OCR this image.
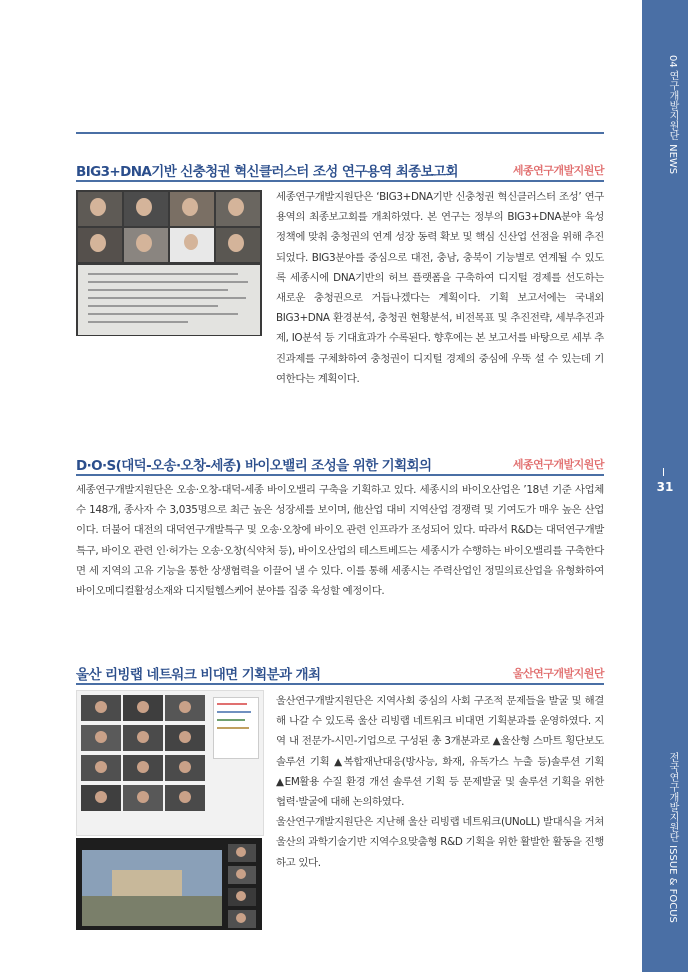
04 연구개발지원단 NEWS
31
전국연구개발지원단 ISSUE & FOCUS
BIG3+DNA기반 신충청권 혁신클러스터 조성 연구용역 최종보고회	세종연구개발지원단

세종연구개발지원단은 ‘BIG3+DNA기반 신충청권 혁신클러스터 조성’ 연구용역의 최종보고회를 개최하였다. 본 연구는 정부의 BIG3+DNA분야 육성정책에 맞춰 충청권의 연계 성장 동력 확보 및 핵심 신산업 선점을 위해 추진되었다. BIG3분야를 중심으로 대전, 충남, 충북이 기능별로 연계될 수 있도록 세종시에 DNA기반의 허브 플랫폼을 구축하여 디지털 경제를 선도하는 새로운 충청권으로 거듭나겠다는 계획이다. 기획 보고서에는 국내외 BIG3+DNA 환경분석, 충청권 현황분석, 비전목표 및 추진전략, 세부추진과제, IO분석 등 기대효과가 수록된다. 향후에는 본 보고서를 바탕으로 세부 추진과제를 구체화하여 충청권이 디지털 경제의 중심에 우뚝 설 수 있는데 기여한다는 계획이다.

D·O·S(대덕-오송·오창-세종) 바이오밸리 조성을 위한 기획회의	세종연구개발지원단

세종연구개발지원단은 오송·오창-대덕-세종 바이오밸리 구축을 기획하고 있다. 세종시의 바이오산업은 ’18년 기준 사업체 수 148개, 종사자 수 3,035명으로 최근 높은 성장세를 보이며, 他산업 대비 지역산업 경쟁력 및 기여도가 매우 높은 산업이다. 더불어 대전의 대덕연구개발특구 및 오송·오창에 바이오 관련 인프라가 조성되어 있다. 따라서 R&D는 대덕연구개발특구, 바이오 관련 인·허가는 오송·오창(식약처 등), 바이오산업의 테스트베드는 세종시가 수행하는 바이오밸리를 구축한다면 세 지역의 고유 기능을 통한 상생협력을 이끌어 낼 수 있다. 이를 통해 세종시는 주력산업인 정밀의료산업을 유형화하여 바이오메디컬활성소재와 디지털헬스케어 분야를 집중 육성할 예정이다.

울산 리빙랩 네트워크 비대면 기획분과 개최	울산연구개발지원단

울산연구개발지원단은 지역사회 중심의 사회 구조적 문제들을 발굴 및 해결해 나갈 수 있도록 울산 리빙랩 네트워크 비대면 기획분과를 운영하였다. 지역 내 전문가-시민-기업으로 구성된 총 3개분과로 ▲울산형 스마트 횡단보도 솔루션 기획 ▲복합재난대응(방사능, 화재, 유독가스 누출 등)솔루션 기획 ▲EM활용 수질 환경 개선 솔루션 기획 등 문제발굴 및 솔루션 기획을 위한 협력·발굴에 대해 논의하였다.

울산연구개발지원단은 지난해 울산 리빙랩 네트워크(UNoLL) 발대식을 거쳐 울산의 과학기술기반 지역수요맞춤형 R&D 기획을 위한 활발한 활동을 진행하고 있다.
